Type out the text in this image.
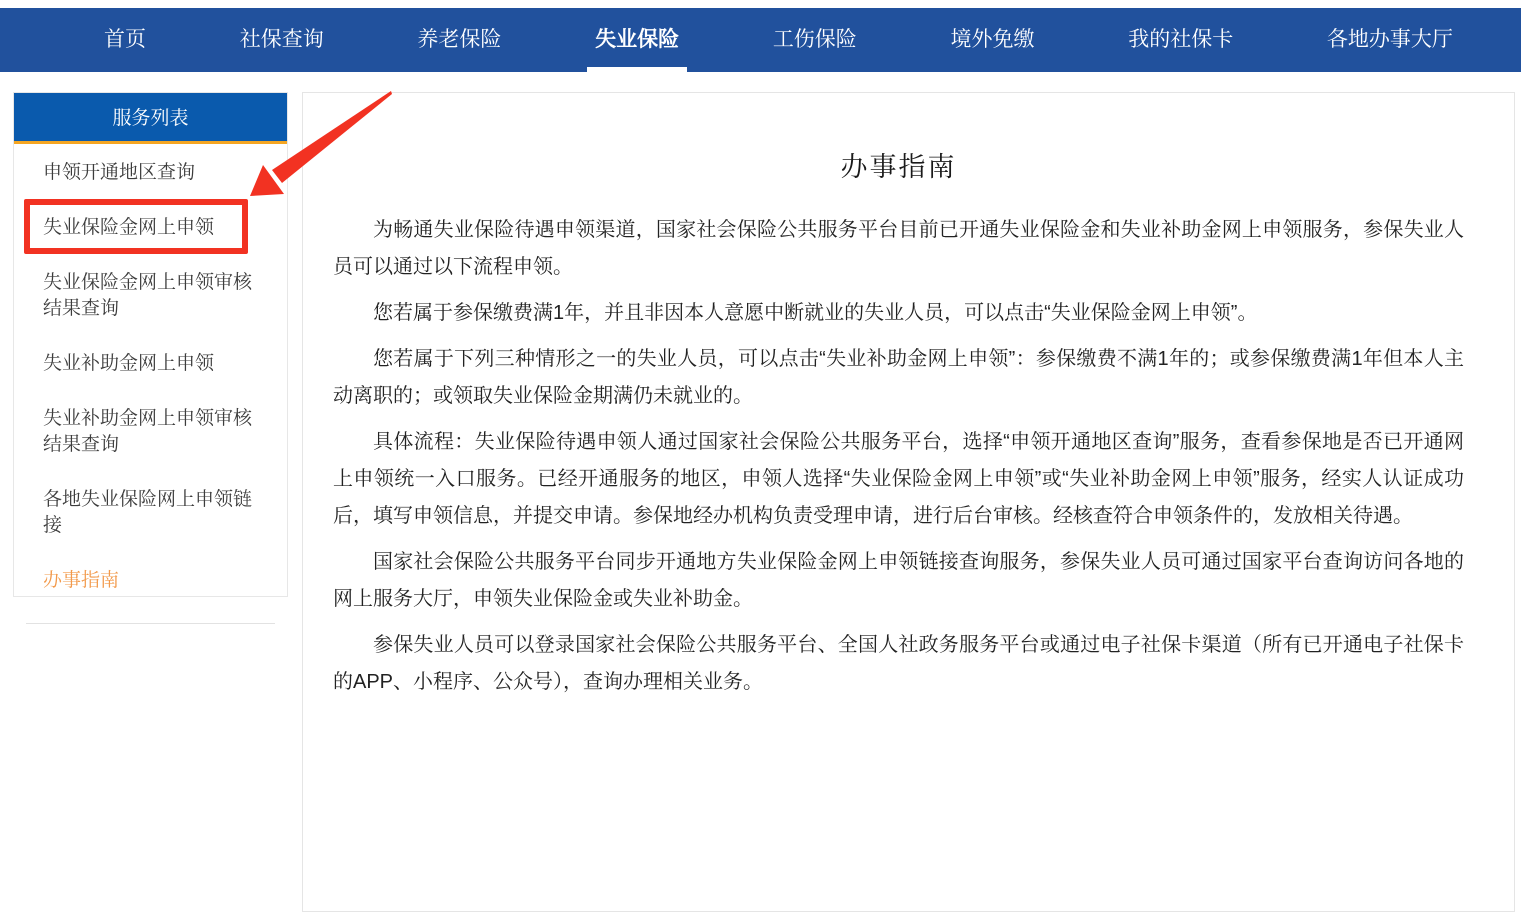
首页	社保查询	养老保险	失业保险	工伤保险	境外免缴	我的社保卡	各地办事大厅
服务列表
申领开通地区查询
失业保险金网上申领
失业保险金网上申领审核结果查询
失业补助金网上申领
失业补助金网上申领审核结果查询
各地失业保险网上申领链接
办事指南
办事指南

为畅通失业保险待遇申领渠道，国家社会保险公共服务平台目前已开通失业保险金和失业补助金网上申领服务，参保失业人员可以通过以下流程申领。

您若属于参保缴费满1年，并且非因本人意愿中断就业的失业人员，可以点击“失业保险金网上申领”。

您若属于下列三种情形之一的失业人员，可以点击“失业补助金网上申领”：参保缴费不满1年的；或参保缴费满1年但本人主动离职的；或领取失业保险金期满仍未就业的。

具体流程：失业保险待遇申领人通过国家社会保险公共服务平台，选择“申领开通地区查询”服务，查看参保地是否已开通网上申领统一入口服务。已经开通服务的地区，申领人选择“失业保险金网上申领”或“失业补助金网上申领”服务，经实人认证成功后，填写申领信息，并提交申请。参保地经办机构负责受理申请，进行后台审核。经核查符合申领条件的，发放相关待遇。

国家社会保险公共服务平台同步开通地方失业保险金网上申领链接查询服务，参保失业人员可通过国家平台查询访问各地的网上服务大厅，申领失业保险金或失业补助金。

参保失业人员可以登录国家社会保险公共服务平台、全国人社政务服务平台或通过电子社保卡渠道（所有已开通电子社保卡的APP、小程序、公众号），查询办理相关业务。
